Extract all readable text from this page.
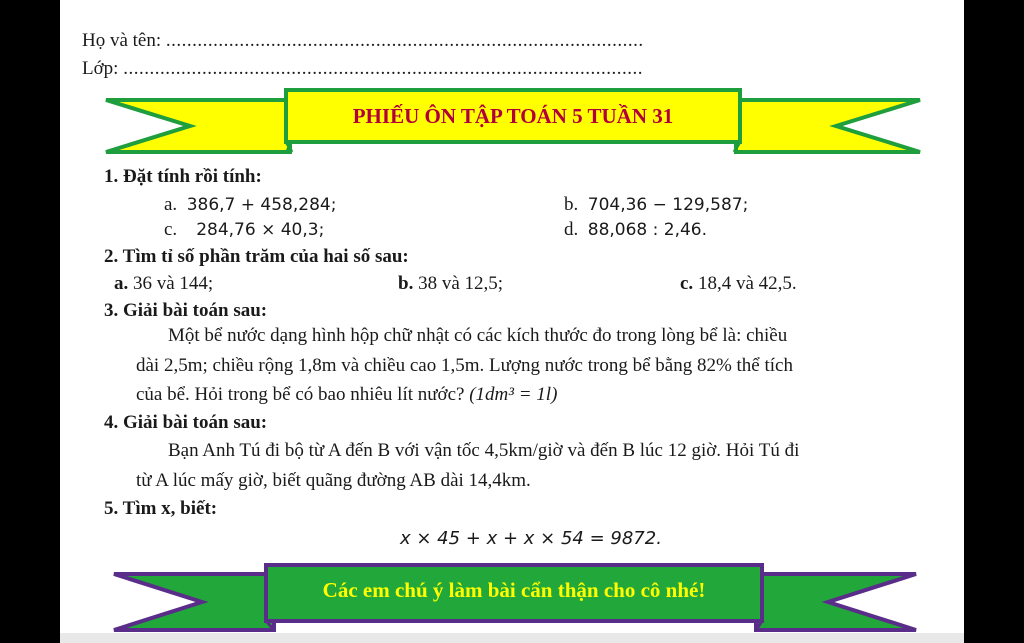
Họ và tên: ...........................................................................................
Lớp: ...................................................................................................
PHIẾU ÔN TẬP TOÁN 5 TUẦN 31
1. Đặt tính rồi tính:
a. 386,7 + 458,284;	b. 704,36 − 129,587;
c. 284,76 × 40,3;	d. 88,068 : 2,46.
2. Tìm tỉ số phần trăm của hai số sau:
a. 36 và 144;	b. 38 và 12,5;	c. 18,4 và 42,5.
3. Giải bài toán sau:
Một bể nước dạng hình hộp chữ nhật có các kích thước đo trong lòng bể là: chiều
dài 2,5m; chiều rộng 1,8m và chiều cao 1,5m. Lượng nước trong bể bằng 82% thể tích
của bể. Hỏi trong bể có bao nhiêu lít nước? (1dm³ = 1l)
4. Giải bài toán sau:
Bạn Anh Tú đi bộ từ A đến B với vận tốc 4,5km/giờ và đến B lúc 12 giờ. Hỏi Tú đi
từ A lúc mấy giờ, biết quãng đường AB dài 14,4km.
5. Tìm x, biết:
x × 45 + x + x × 54 = 9872.
Các em chú ý làm bài cẩn thận cho cô nhé!
